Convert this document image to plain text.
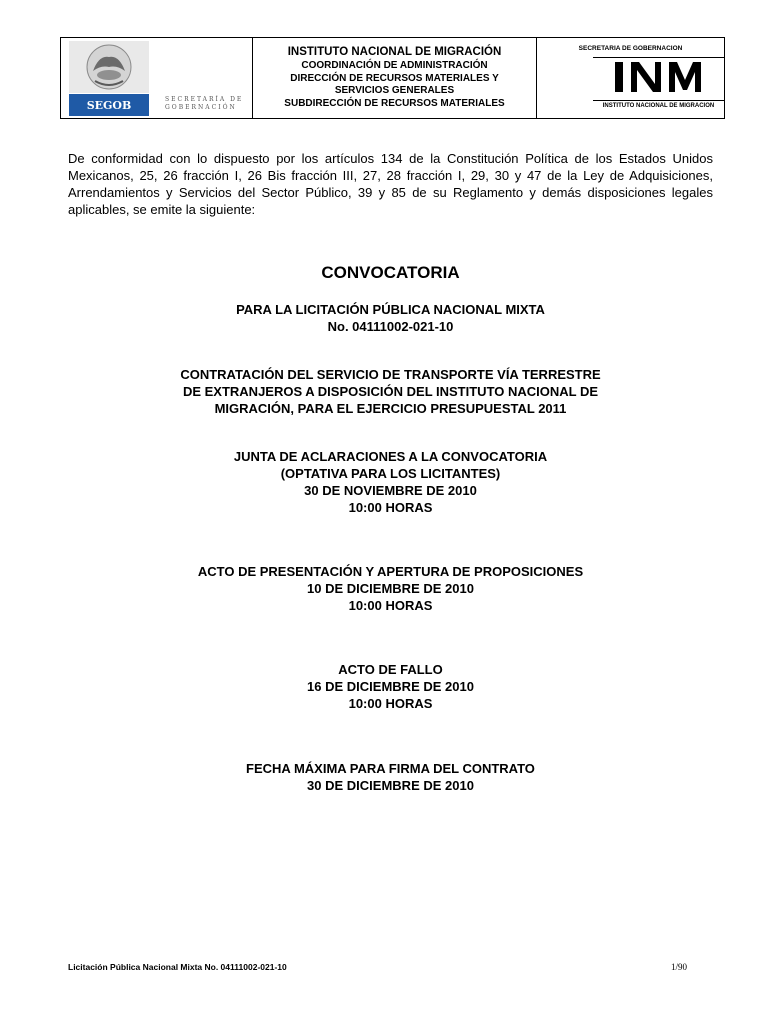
SEGOB	SECRETARÍA DE GOBERNACIÓN
INSTITUTO NACIONAL DE MIGRACIÓN
COORDINACIÓN DE ADMINISTRACIÓN
DIRECCIÓN DE RECURSOS MATERIALES Y
SERVICIOS GENERALES
SUBDIRECCIÓN DE RECURSOS MATERIALES
SECRETARIA DE GOBERNACION
INM
INSTITUTO NACIONAL DE MIGRACION
De conformidad con lo dispuesto por los artículos 134 de la Constitución Política de los Estados Unidos Mexicanos, 25, 26 fracción I, 26 Bis fracción III, 27, 28 fracción I, 29, 30 y 47 de la Ley de Adquisiciones, Arrendamientos y Servicios del Sector Público, 39 y 85 de su Reglamento y demás disposiciones legales aplicables, se emite la siguiente:
CONVOCATORIA
PARA LA LICITACIÓN PÚBLICA NACIONAL MIXTA
No. 04111002-021-10
CONTRATACIÓN DEL SERVICIO DE TRANSPORTE VÍA TERRESTRE
DE EXTRANJEROS A DISPOSICIÓN DEL INSTITUTO NACIONAL DE
MIGRACIÓN, PARA EL EJERCICIO PRESUPUESTAL 2011
JUNTA DE ACLARACIONES A LA CONVOCATORIA
(OPTATIVA PARA LOS LICITANTES)
30 DE NOVIEMBRE DE 2010
10:00 HORAS
ACTO DE PRESENTACIÓN Y APERTURA DE PROPOSICIONES
10 DE DICIEMBRE DE 2010
10:00 HORAS
ACTO DE FALLO
16 DE DICIEMBRE DE 2010
10:00 HORAS
FECHA MÁXIMA PARA FIRMA DEL CONTRATO
30 DE DICIEMBRE DE 2010
Licitación Pública Nacional Mixta No. 04111002-021-10	1/90
